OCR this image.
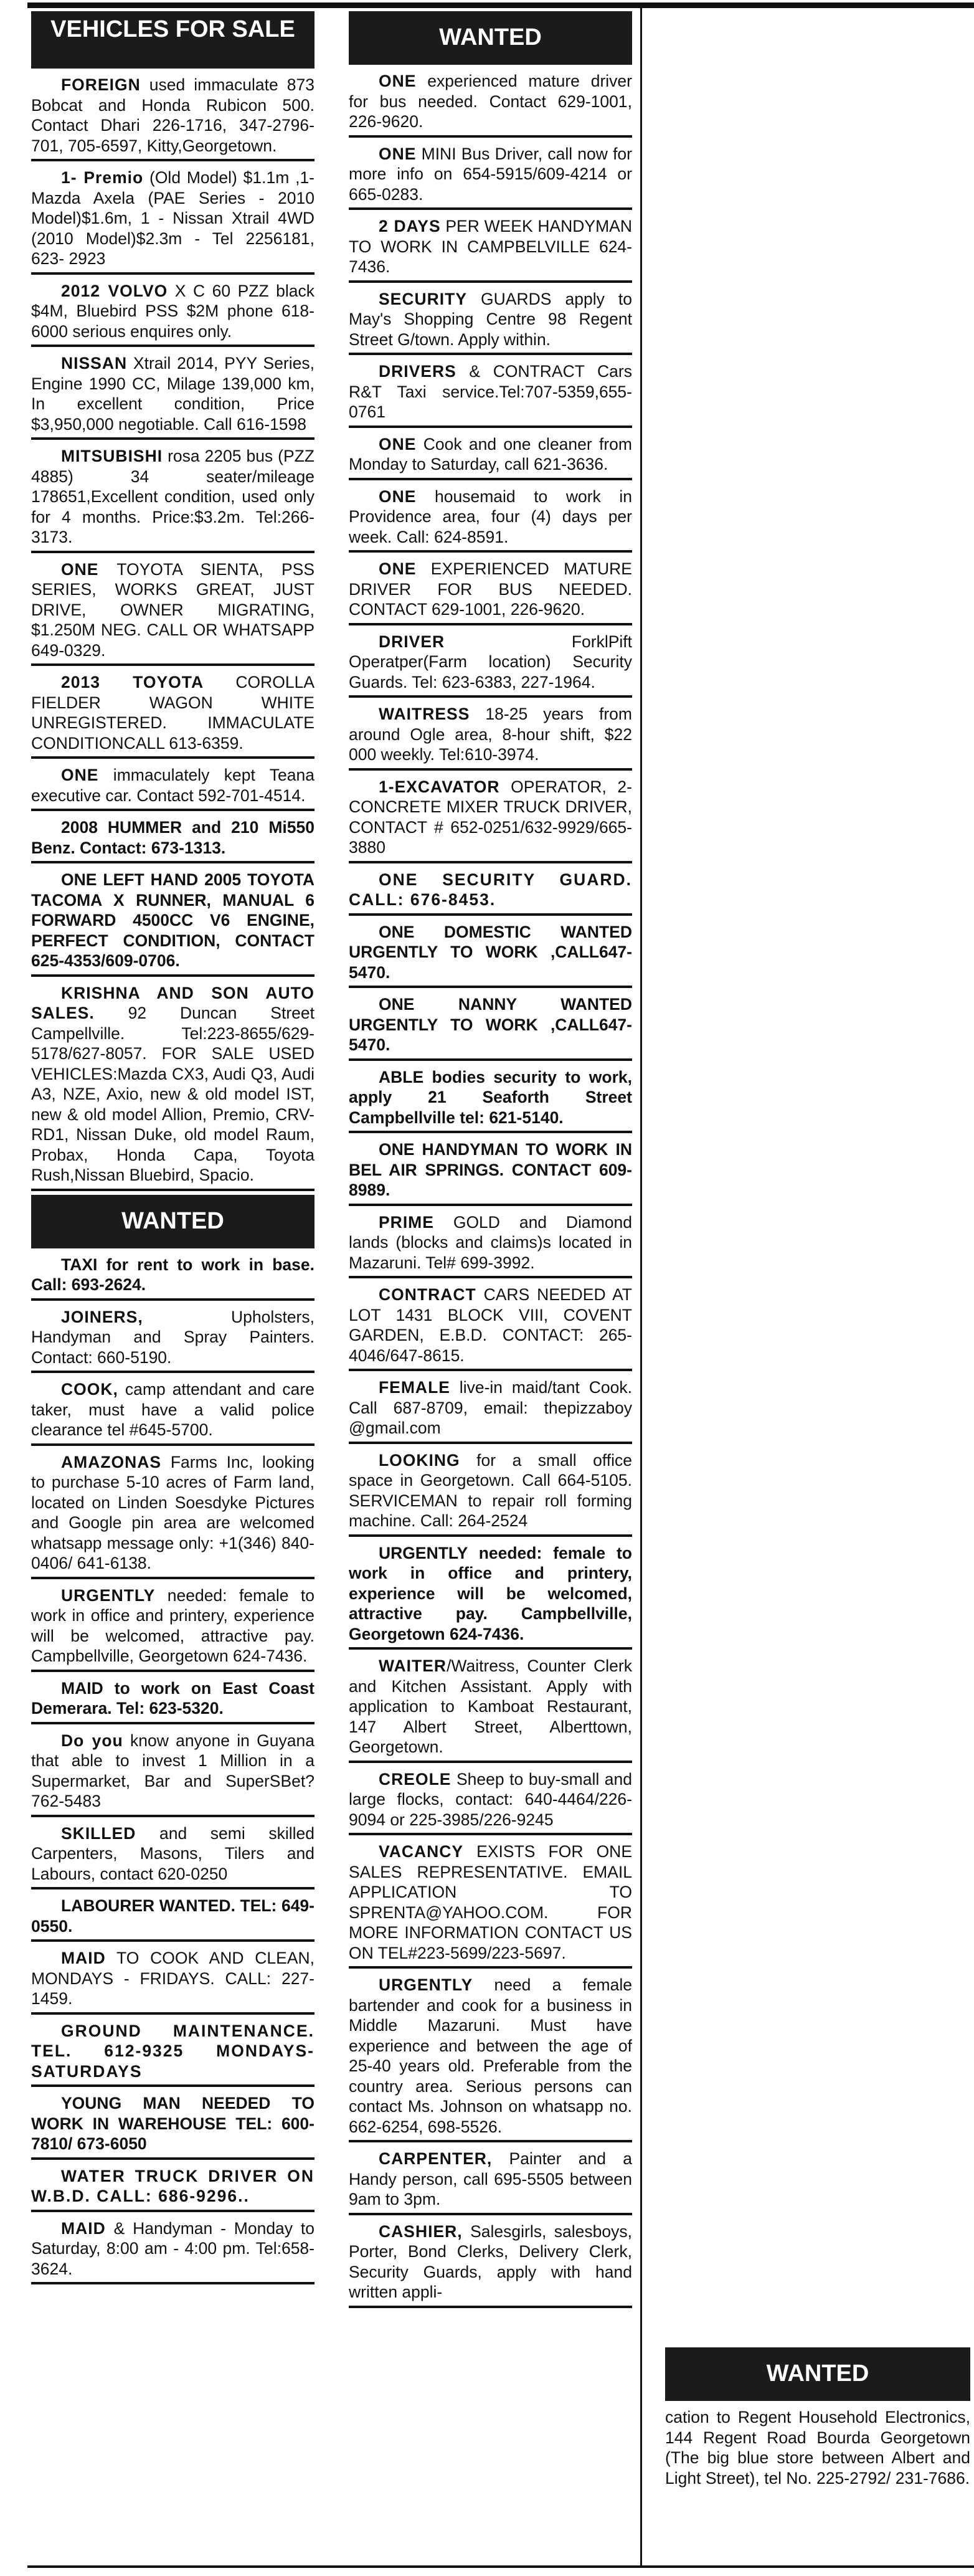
VEHICLES FOR SALE
FOREIGN used immaculate 873 Bobcat and Honda Rubicon 500. Contact Dhari 226-1716, 347-2796-701, 705-6597, Kitty,Georgetown.
1- Premio (Old Model) $1.1m ,1- Mazda Axela (PAE Series - 2010 Model)$1.6m, 1 - Nissan Xtrail 4WD (2010 Model)$2.3m - Tel 2256181, 623- 2923
2012 VOLVO X C 60 PZZ black $4M, Bluebird PSS $2M phone 618-6000 serious enquires only.
NISSAN Xtrail 2014, PYY Series, Engine 1990 CC, Milage 139,000 km, In excellent condition, Price $3,950,000 negotiable. Call 616-1598
MITSUBISHI rosa 2205 bus (PZZ 4885) 34 seater/mileage 178651,Excellent condition, used only for 4 months. Price:$3.2m. Tel:266-3173.
ONE TOYOTA SIENTA, PSS SERIES, WORKS GREAT, JUST DRIVE, OWNER MIGRATING, $1.250M NEG. CALL OR WHATSAPP 649-0329.
2013 TOYOTA COROLLA FIELDER WAGON WHITE UNREGISTERED. IMMACULATE CONDITIONCALL 613-6359.
ONE immaculately kept Teana executive car. Contact 592-701-4514.
2008 HUMMER and 210 Mi550 Benz. Contact: 673-1313.
ONE LEFT HAND 2005 TOYOTA TACOMA X RUNNER, MANUAL 6 FORWARD 4500CC V6 ENGINE, PERFECT CONDITION, CONTACT 625-4353/609-0706.
KRISHNA AND SON AUTO SALES. 92 Duncan Street Campellville. Tel:223-8655/629-5178/627-8057. FOR SALE USED VEHICLES:Mazda CX3, Audi Q3, Audi A3, NZE, Axio, new & old model IST, new & old model Allion, Premio, CRV-RD1, Nissan Duke, old model Raum, Probax, Honda Capa, Toyota Rush,Nissan Bluebird, Spacio.
WANTED
TAXI for rent to work in base. Call: 693-2624.
JOINERS, Upholsters, Handyman and Spray Painters. Contact: 660-5190.
COOK, camp attendant and care taker, must have a valid police clearance tel #645-5700.
AMAZONAS Farms Inc, looking to purchase 5-10 acres of Farm land, located on Linden Soesdyke Pictures and Google pin area are welcomed whatsapp message only: +1(346) 840-0406/ 641-6138.
URGENTLY needed: female to work in office and printery, experience will be welcomed, attractive pay. Campbellville, Georgetown 624-7436.
MAID to work on East Coast Demerara. Tel: 623-5320.
Do you know anyone in Guyana that able to invest 1 Million in a Supermarket, Bar and SuperSBet? 762-5483
SKILLED and semi skilled Carpenters, Masons, Tilers and Labours, contact 620-0250
LABOURER WANTED. TEL: 649-0550.
MAID TO COOK AND CLEAN, MONDAYS - FRIDAYS. CALL: 227-1459.
GROUND MAINTENANCE. TEL. 612-9325 MONDAYS-SATURDAYS
YOUNG MAN NEEDED TO WORK IN WAREHOUSE TEL: 600-7810/ 673-6050
WATER TRUCK DRIVER ON W.B.D. CALL: 686-9296..
MAID & Handyman - Monday to Saturday, 8:00 am - 4:00 pm. Tel:658-3624.
WANTED
ONE experienced mature driver for bus needed. Contact 629-1001, 226-9620.
ONE MINI Bus Driver, call now for more info on 654-5915/609-4214 or 665-0283.
2 DAYS PER WEEK HANDYMAN TO WORK IN CAMPBELVILLE 624-7436.
SECURITY GUARDS apply to May's Shopping Centre 98 Regent Street G/town. Apply within.
DRIVERS & CONTRACT Cars R&T Taxi service.Tel:707-5359,655-0761
ONE Cook and one cleaner from Monday to Saturday, call 621-3636.
ONE housemaid to work in Providence area, four (4) days per week. Call: 624-8591.
ONE EXPERIENCED MATURE DRIVER FOR BUS NEEDED. CONTACT 629-1001, 226-9620.
DRIVER ForklPift Operatper(Farm location) Security Guards. Tel: 623-6383, 227-1964.
WAITRESS 18-25 years from around Ogle area, 8-hour shift, $22 000 weekly. Tel:610-3974.
1-EXCAVATOR OPERATOR, 2- CONCRETE MIXER TRUCK DRIVER, CONTACT # 652-0251/632-9929/665-3880
ONE SECURITY GUARD. CALL: 676-8453.
ONE DOMESTIC WANTED URGENTLY TO WORK ,CALL647-5470.
ONE NANNY WANTED URGENTLY TO WORK ,CALL647-5470.
ABLE bodies security to work, apply 21 Seaforth Street Campbellville tel: 621-5140.
ONE HANDYMAN TO WORK IN BEL AIR SPRINGS. CONTACT 609-8989.
PRIME GOLD and Diamond lands (blocks and claims)s located in Mazaruni. Tel# 699-3992.
CONTRACT CARS NEEDED AT LOT 1431 BLOCK VIII, COVENT GARDEN, E.B.D. CONTACT: 265-4046/647-8615.
FEMALE live-in maid/tant Cook. Call 687-8709, email: thepizzaboy @gmail.com
LOOKING for a small office space in Georgetown. Call 664-5105. SERVICEMAN to repair roll forming machine. Call: 264-2524
URGENTLY needed: female to work in office and printery, experience will be welcomed, attractive pay. Campbellville, Georgetown 624-7436.
WAITER/Waitress, Counter Clerk and Kitchen Assistant. Apply with application to Kamboat Restaurant, 147 Albert Street, Alberttown, Georgetown.
CREOLE Sheep to buy-small and large flocks, contact: 640-4464/226-9094 or 225-3985/226-9245
VACANCY EXISTS FOR ONE SALES REPRESENTATIVE. EMAIL APPLICATION TO SPRENTA@YAHOO.COM. FOR MORE INFORMATION CONTACT US ON TEL#223-5699/223-5697.
URGENTLY need a female bartender and cook for a business in Middle Mazaruni. Must have experience and between the age of 25-40 years old. Preferable from the country area. Serious persons can contact Ms. Johnson on whatsapp no. 662-6254, 698-5526.
CARPENTER, Painter and a Handy person, call 695-5505 between 9am to 3pm.
CASHIER, Salesgirls, salesboys, Porter, Bond Clerks, Delivery Clerk, Security Guards, apply with hand written appli-
WANTED
cation to Regent Household Electronics, 144 Regent Road Bourda Georgetown (The big blue store between Albert and Light Street), tel No. 225-2792/ 231-7686.
